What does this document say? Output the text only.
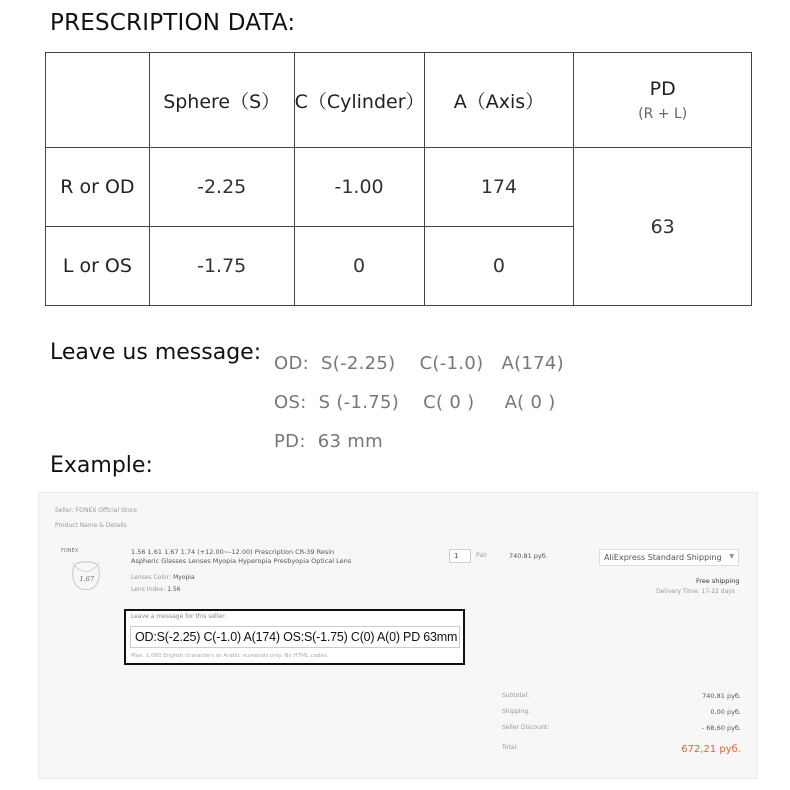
PRESCRIPTION DATA:
	Sphere（S）	C（Cylinder）	A（Axis）	PD
(R + L)

R or OD	-2.25	-1.00	174	63
L or OS	-1.75	0	0	
Leave us message: OD:  S(-2.25)    C(-1.0)   A(174)
OS:  S (-1.75)    C( 0 )     A( 0 )
PD:  63 mm
Example:
Seller: FONEX Official Store
Product Name & Details
FONEX
1.67
1.56 1.61 1.67 1.74 (+12.00~-12.00) Prescription CR-39 Resin Aspheric Glasses Lenses Myopia Hyperopia Presbyopia Optical Lens
Lenses Color: Myopia
Lens Index: 1.56
1	Pair	740,81 руб.	AliExpress Standard Shipping ▼
Free shipping
Delivery Time: 17-22 days
Leave a message for this seller:
OD:S(-2.25) C(-1.0) A(174) OS:S(-1.75) C(0) A(0) PD 63mm
Max. 1,000 English characters or Arabic numerals only. No HTML codes.
Subtotal:	740,81 руб.
Shipping:	0,00 руб.
Seller Discount:	- 68,60 руб.
Total:	672,21 руб.
